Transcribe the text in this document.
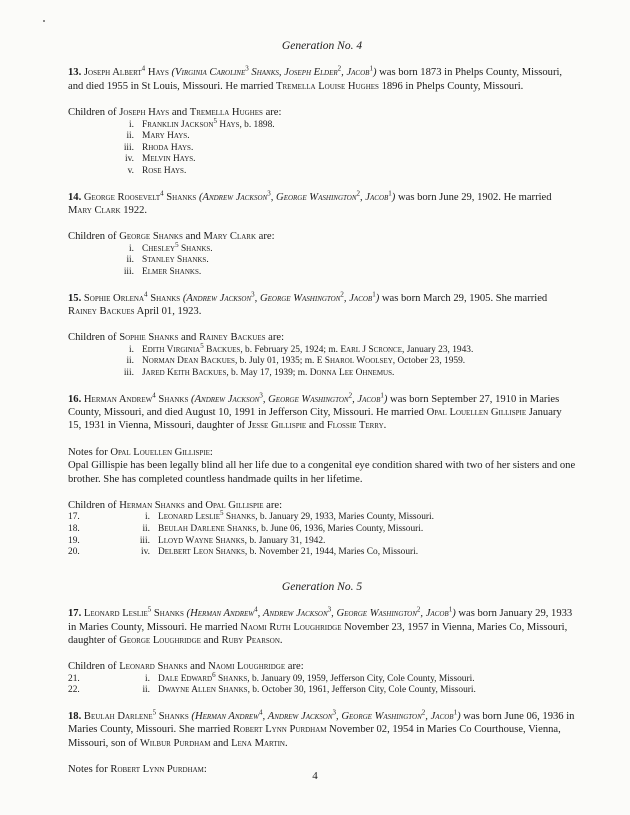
Generation No. 4
13. Joseph Albert$^4$ Hays (Virginia Caroline$^3$ Shanks, Joseph Elder$^2$, Jacob$^1$) was born 1873 in Phelps County, Missouri, and died 1955 in St Louis, Missouri. He married Tremella Louise Hughes 1896 in Phelps County, Missouri.
Children of Joseph Hays and Tremella Hughes are:
i. Franklin Jackson$^5$ Hays, b. 1898.
ii. Mary Hays.
iii. Rhoda Hays.
iv. Melvin Hays.
v. Rose Hays.
14. George Roosevelt$^4$ Shanks (Andrew Jackson$^3$, George Washington$^2$, Jacob$^1$) was born June 29, 1902. He married Mary Clark 1922.
Children of George Shanks and Mary Clark are:
i. Chesley$^5$ Shanks.
ii. Stanley Shanks.
iii. Elmer Shanks.
15. Sophie Orlena$^4$ Shanks (Andrew Jackson$^3$, George Washington$^2$, Jacob$^1$) was born March 29, 1905. She married Rainey Backues April 01, 1923.
Children of Sophie Shanks and Rainey Backues are:
i. Edith Virginia$^5$ Backues, b. February 25, 1924; m. Earl J Scronce, January 23, 1943.
ii. Norman Dean Backues, b. July 01, 1935; m. E Sharol Woolsey, October 23, 1959.
iii. Jared Keith Backues, b. May 17, 1939; m. Donna Lee Ohnemus.
16. Herman Andrew$^4$ Shanks (Andrew Jackson$^3$, George Washington$^2$, Jacob$^1$) was born September 27, 1910 in Maries County, Missouri, and died August 10, 1991 in Jefferson City, Missouri. He married Opal Louellen Gillispie January 15, 1931 in Vienna, Missouri, daughter of Jesse Gillispie and Flossie Terry.
Notes for Opal Louellen Gillispie:
Opal Gillispie has been legally blind all her life due to a congenital eye condition shared with two of her sisters and one brother. She has completed countless handmade quilts in her lifetime.
Children of Herman Shanks and Opal Gillispie are:
17.	i. Leonard Leslie$^5$ Shanks, b. January 29, 1933, Maries County, Missouri.
18.	ii. Beulah Darlene Shanks, b. June 06, 1936, Maries County, Missouri.
19.	iii. Lloyd Wayne Shanks, b. January 31, 1942.
20.	iv. Delbert Leon Shanks, b. November 21, 1944, Maries Co, Missouri.
Generation No. 5
17. Leonard Leslie$^5$ Shanks (Herman Andrew$^4$, Andrew Jackson$^3$, George Washington$^2$, Jacob$^1$) was born January 29, 1933 in Maries County, Missouri. He married Naomi Ruth Loughridge November 23, 1957 in Vienna, Maries Co, Missouri, daughter of George Loughridge and Ruby Pearson.
Children of Leonard Shanks and Naomi Loughridge are:
21.	i. Dale Edward$^6$ Shanks, b. January 09, 1959, Jefferson City, Cole County, Missouri.
22.	ii. Dwayne Allen Shanks, b. October 30, 1961, Jefferson City, Cole County, Missouri.
18. Beulah Darlene$^5$ Shanks (Herman Andrew$^4$, Andrew Jackson$^3$, George Washington$^2$, Jacob$^1$) was born June 06, 1936 in Maries County, Missouri. She married Robert Lynn Purdham November 02, 1954 in Maries Co Courthouse, Vienna, Missouri, son of Wilbur Purdham and Lena Martin.
Notes for Robert Lynn Purdham:
4
